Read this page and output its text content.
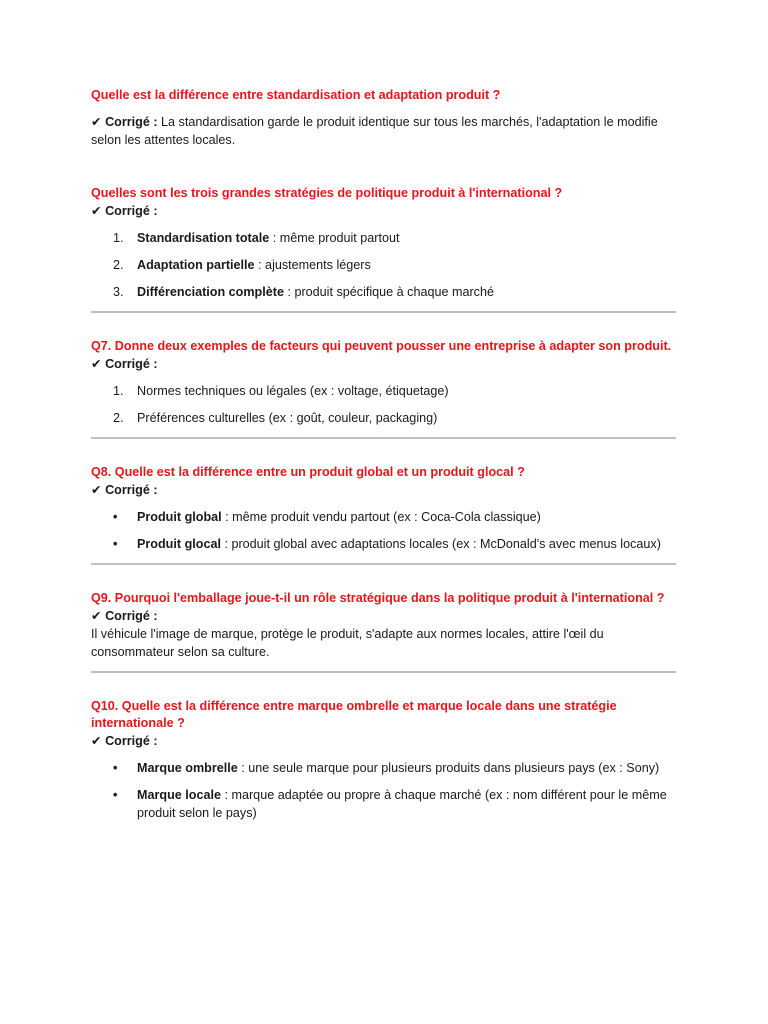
Quelle est la différence entre standardisation et adaptation produit ?
✔ Corrigé : La standardisation garde le produit identique sur tous les marchés, l'adaptation le modifie selon les attentes locales.
Quelles sont les trois grandes stratégies de politique produit à l'international ?
✔ Corrigé :
1. Standardisation totale : même produit partout
2. Adaptation partielle : ajustements légers
3. Différenciation complète : produit spécifique à chaque marché
Q7. Donne deux exemples de facteurs qui peuvent pousser une entreprise à adapter son produit.
✔ Corrigé :
1. Normes techniques ou légales (ex : voltage, étiquetage)
2. Préférences culturelles (ex : goût, couleur, packaging)
Q8. Quelle est la différence entre un produit global et un produit glocal ?
✔ Corrigé :
• Produit global : même produit vendu partout (ex : Coca-Cola classique)
• Produit glocal : produit global avec adaptations locales (ex : McDonald's avec menus locaux)
Q9. Pourquoi l'emballage joue-t-il un rôle stratégique dans la politique produit à l'international ?
✔ Corrigé :
Il véhicule l'image de marque, protège le produit, s'adapte aux normes locales, attire l'œil du consommateur selon sa culture.
Q10. Quelle est la différence entre marque ombrelle et marque locale dans une stratégie internationale ?
✔ Corrigé :
• Marque ombrelle : une seule marque pour plusieurs produits dans plusieurs pays (ex : Sony)
• Marque locale : marque adaptée ou propre à chaque marché (ex : nom différent pour le même produit selon le pays)
